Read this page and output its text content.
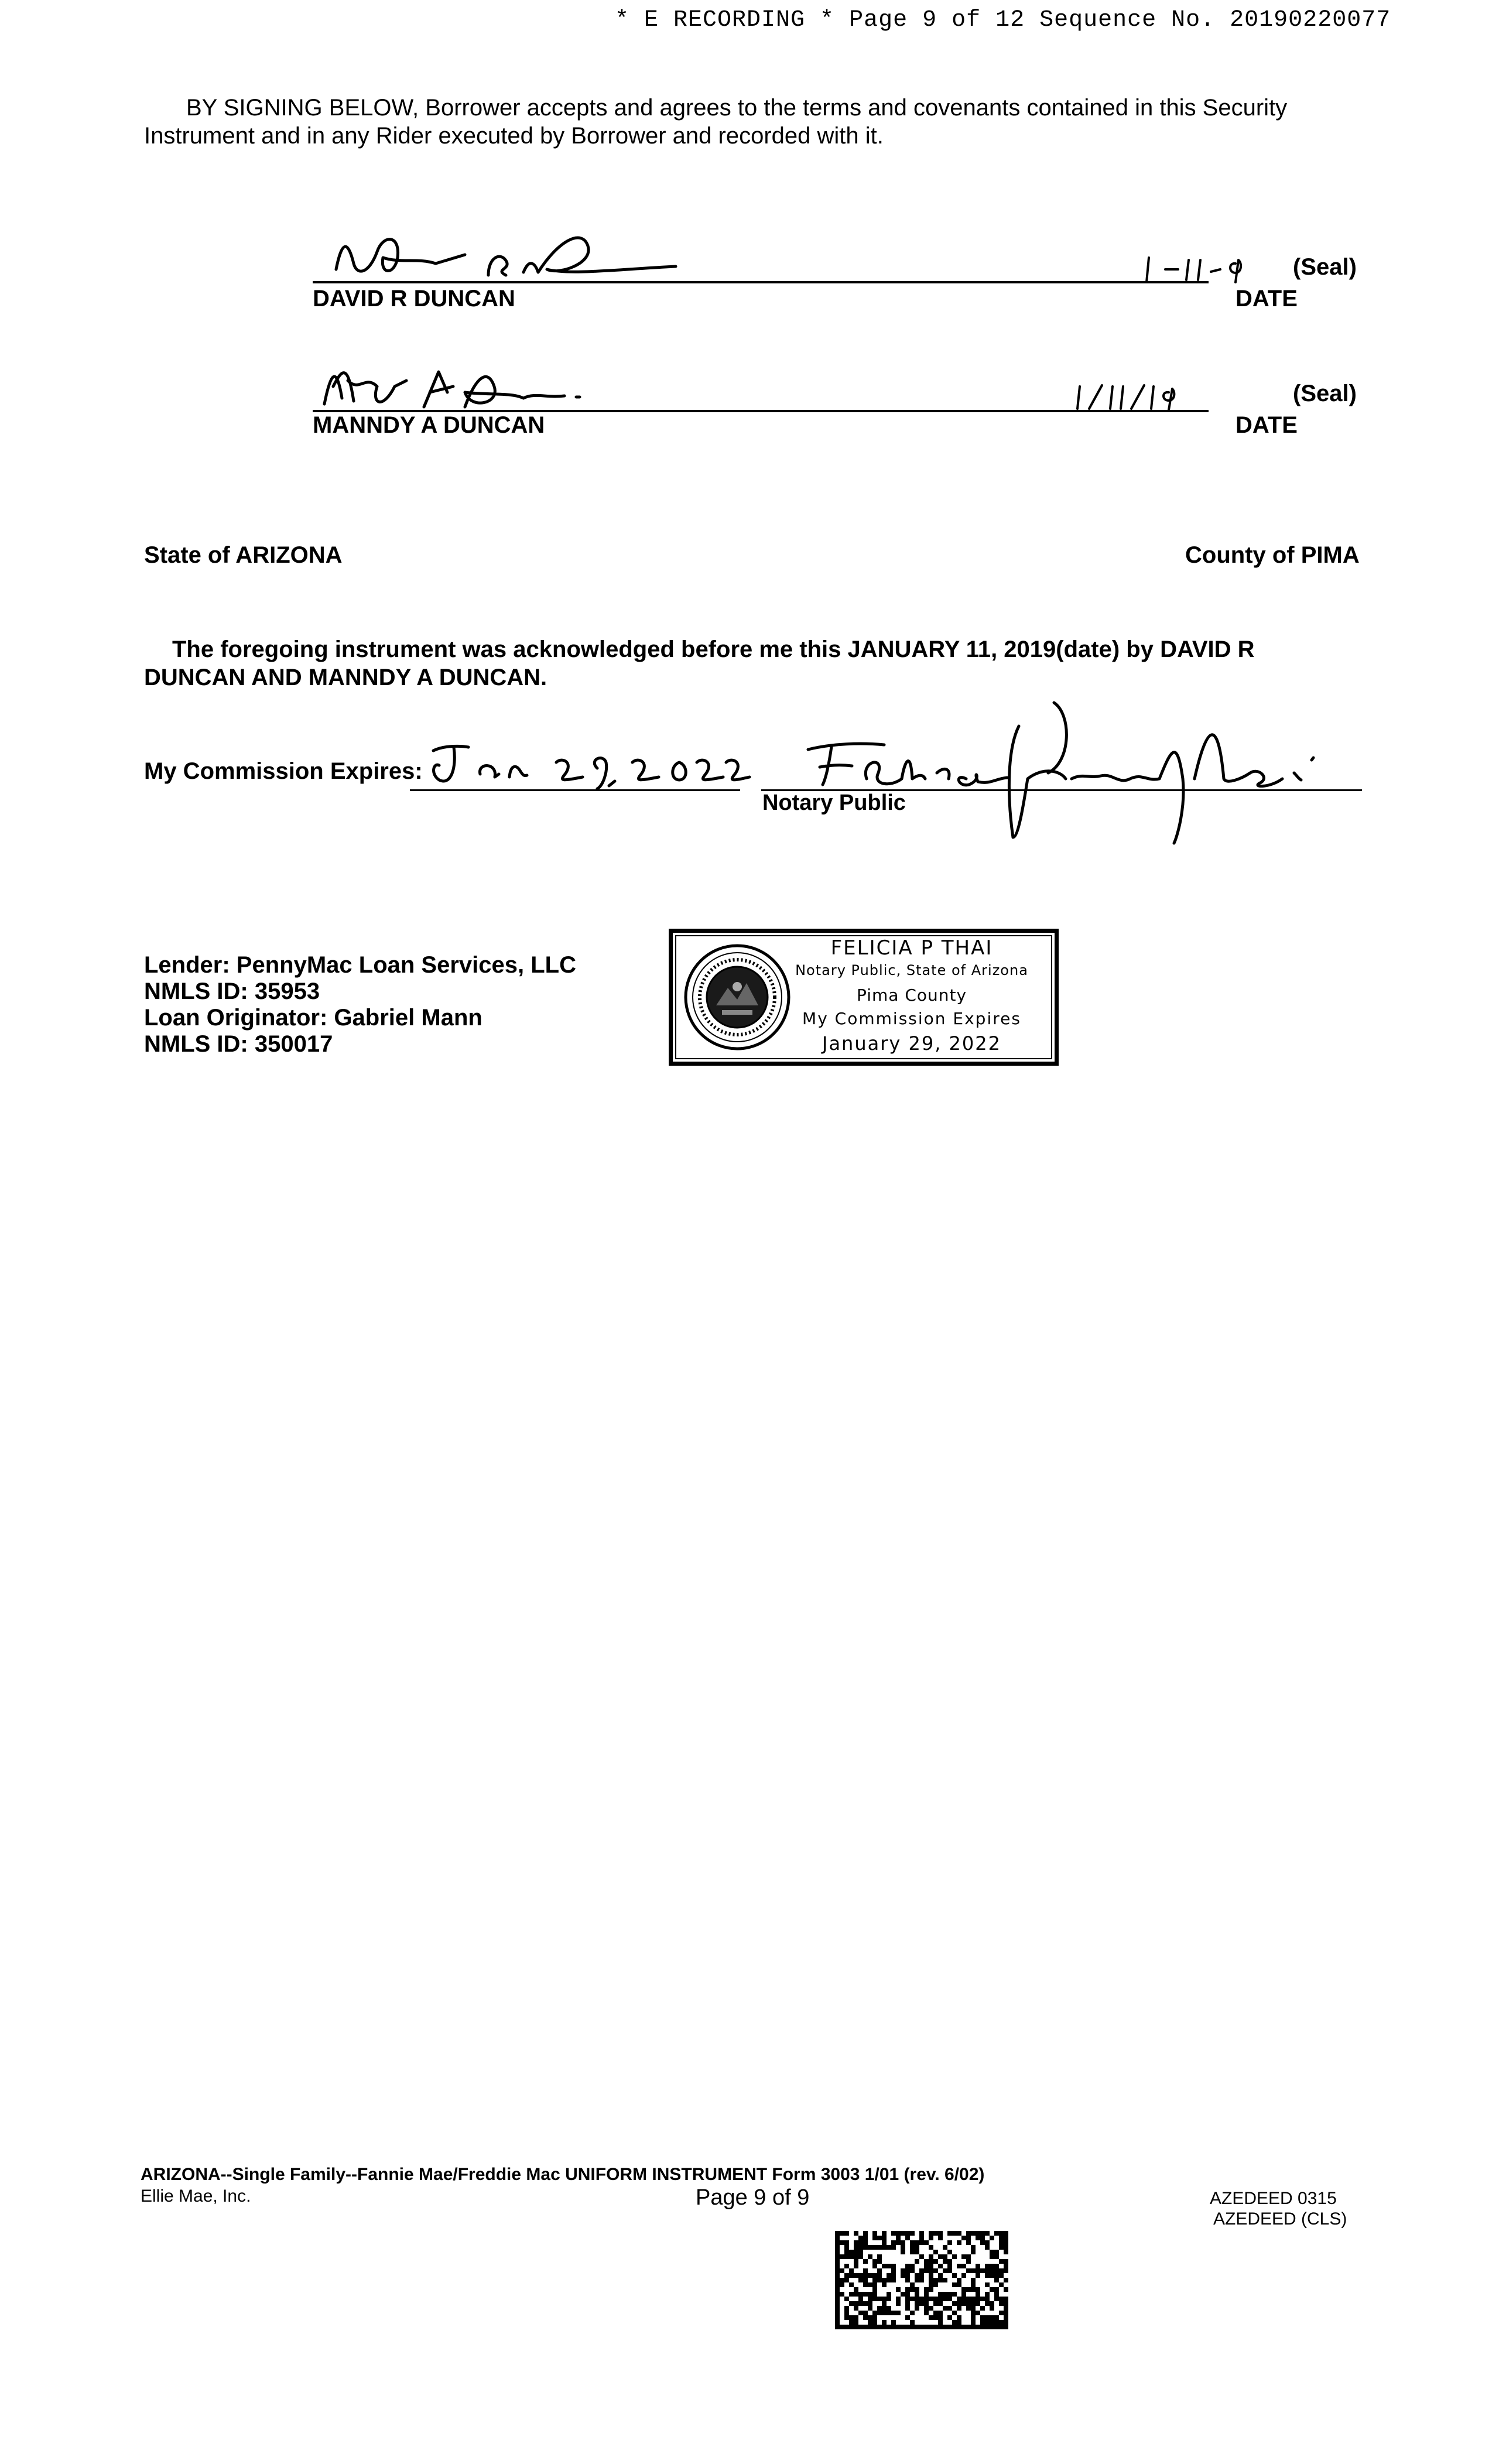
* E RECORDING * Page 9 of 12 Sequence No. 20190220077
BY SIGNING BELOW, Borrower accepts and agrees to the terms and covenants contained in this Security Instrument and in any Rider executed by Borrower and recorded with it.
(Seal)
DAVID R DUNCAN	DATE
(Seal)
MANNDY A DUNCAN	DATE
State of ARIZONA	County of PIMA
The foregoing instrument was acknowledged before me this JANUARY 11, 2019(date) by DAVID R DUNCAN AND MANNDY A DUNCAN.
My Commission Expires:
Notary Public
Lender: PennyMac Loan Services, LLC
NMLS ID: 35953
Loan Originator: Gabriel Mann
NMLS ID: 350017
FELICIA P THAI
Notary Public, State of Arizona
Pima County
My Commission Expires
January 29, 2022
ARIZONA--Single Family--Fannie Mae/Freddie Mac UNIFORM INSTRUMENT Form 3003 1/01 (rev. 6/02)
Ellie Mae, Inc.	Page 9 of 9	AZEDEED 0315
AZEDEED (CLS)
